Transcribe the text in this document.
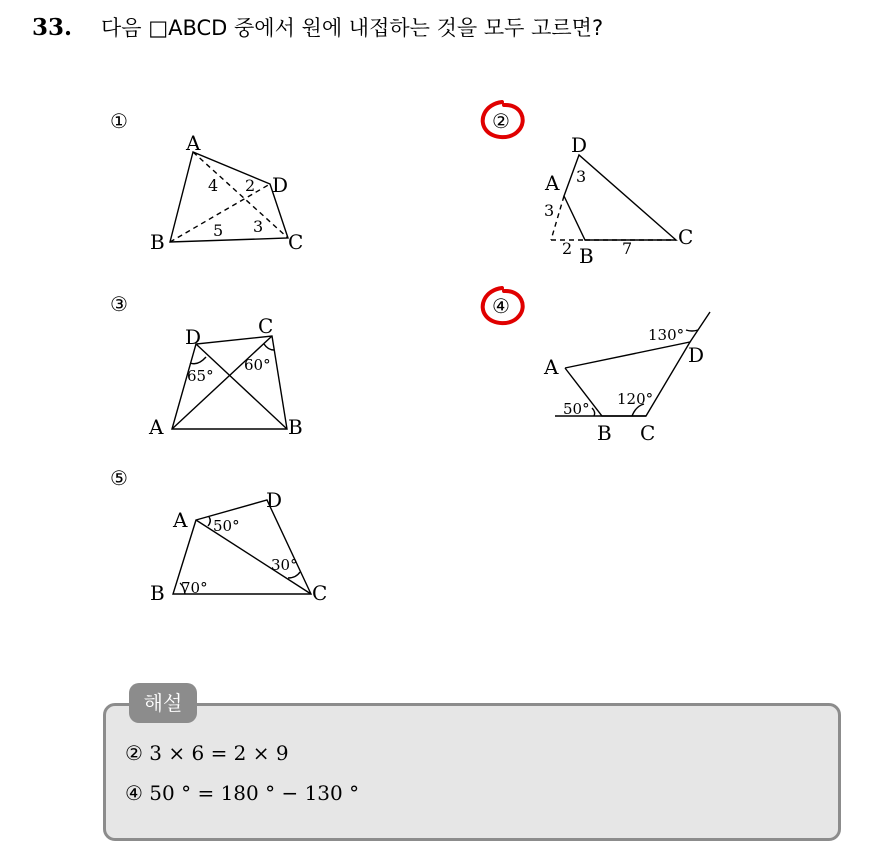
33. 다음 □ABCD 중에서 원에 내접하는 것을 모두 고르면?
①
A
B	C
D
4 2
5 3
②
D
A
B
C
3
3
2	7
③
D	C
A	B
65°
60°
④
A	D
B C
130°
50°
120°
⑤
A
D
B	C
50°
70°
30°
해설
② 3 × 6 = 2 × 9
④ 50 ° = 180 ° − 130 °
